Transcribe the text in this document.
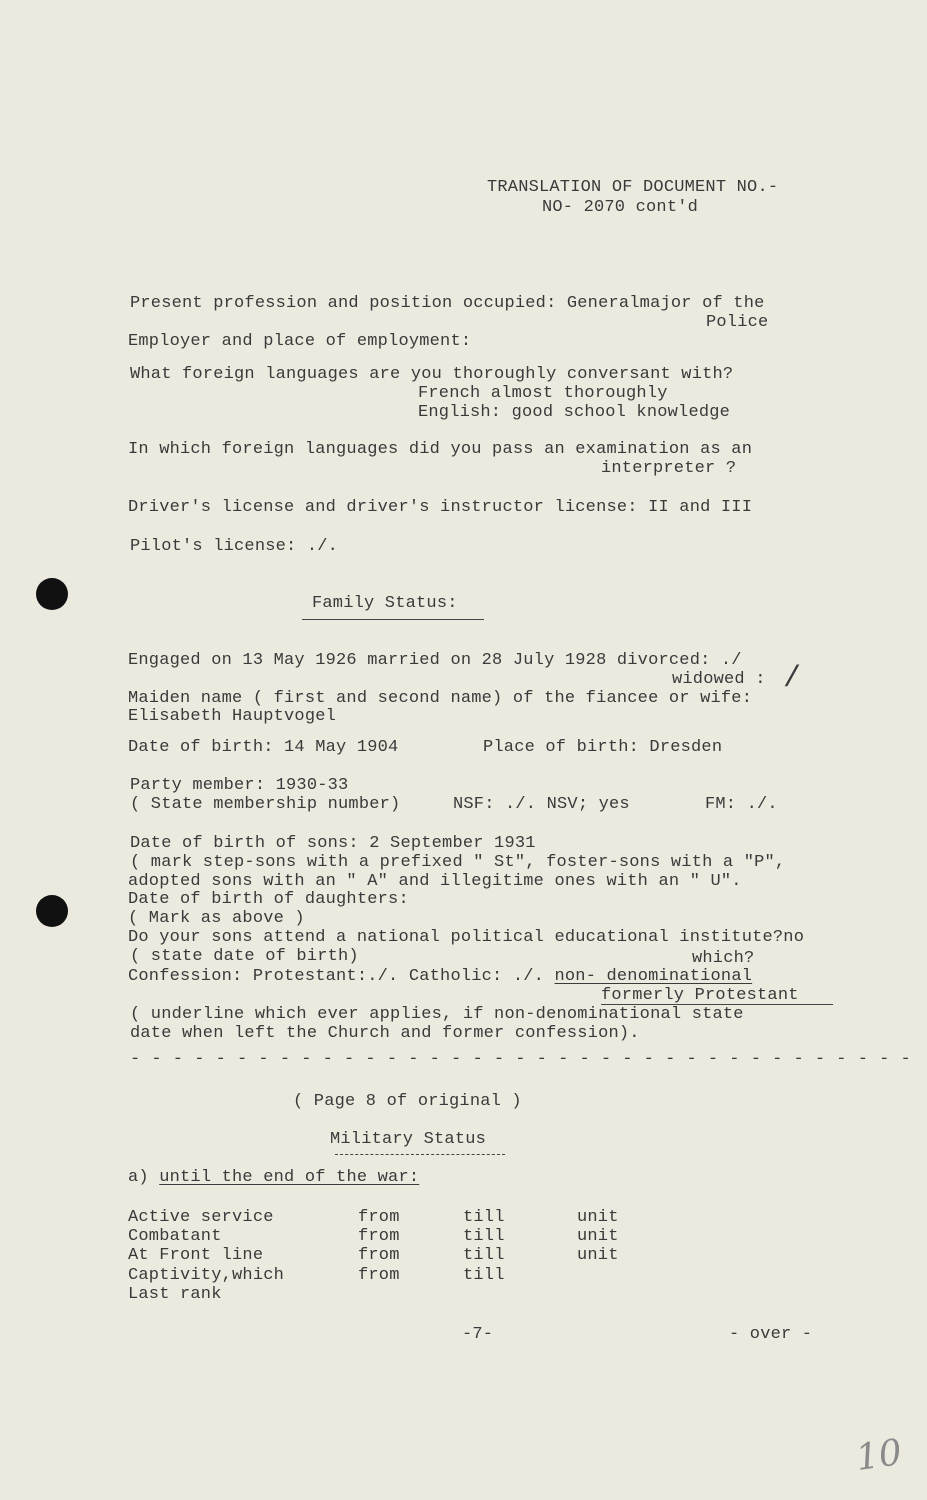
TRANSLATION OF DOCUMENT NO.-
NO- 2070 cont'd
Present profession and position occupied: Generalmajor of the
Police
Employer and place of employment:
What foreign languages are you thoroughly conversant with?
French almost thoroughly
English: good school knowledge
In which foreign languages did you pass an examination as an
interpreter ?
Driver's license and driver's instructor license: II and III
Pilot's license: ./.
Family Status:
Engaged on 13 May 1926 married on 28 July 1928 divorced: ./
widowed : /
Maiden name ( first and second name) of the fiancee or wife:
Elisabeth Hauptvogel
Date of birth: 14 May 1904	Place of birth: Dresden
Party member: 1930-33
( State membership number)	NSF: ./. NSV; yes	FM: ./.
Date of birth of sons: 2 September 1931
( mark step-sons with a prefixed " St", foster-sons with a "P",
adopted sons with an " A" and illegitime ones with an " U".
Date of birth of daughters:
( Mark as above )
Do your sons attend a national political educational institute?no
( state date of birth)	which?
Confession: Protestant:./. Catholic: ./. non- denominational
formerly Protestant
( underline which ever applies, if non-denominational state
date when left the Church and former confession).
- - - - - - - - - - - - - - - - - - - - - - - - - - - - - - - - - - - - -
( Page 8 of original )
Military Status
a) until the end of the war:
Active service	from	till	unit
Combatant	from	till	unit
At Front line	from	till	unit
Captivity,which	from	till
Last rank
-7-	- over -
10
